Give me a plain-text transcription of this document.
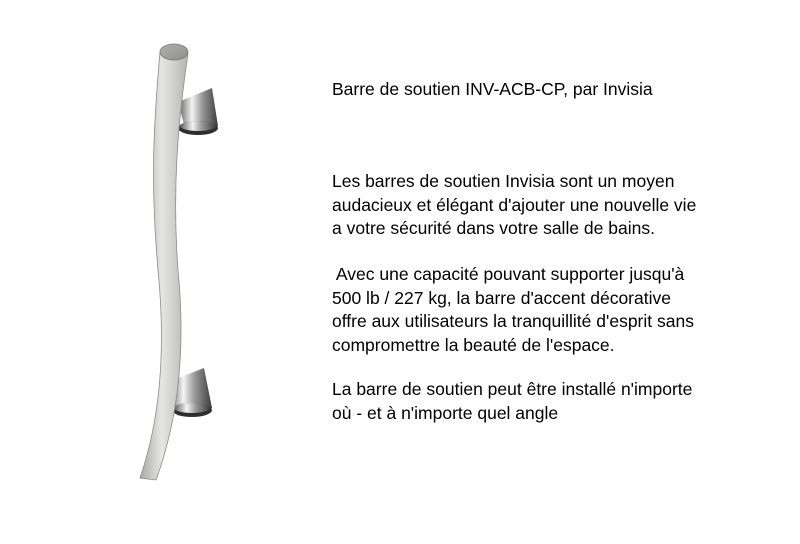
Barre de soutien INV-ACB-CP, par Invisia
Les barres de soutien Invisia sont un moyen
audacieux et élégant d'ajouter une nouvelle vie
a votre sécurité dans votre salle de bains.
Avec une capacité pouvant supporter jusqu'à
500 lb / 227 kg, la barre d'accent décorative
offre aux utilisateurs la tranquillité d'esprit sans
compromettre la beauté de l'espace.
La barre de soutien peut être installé n'importe
où - et à n'importe quel angle
